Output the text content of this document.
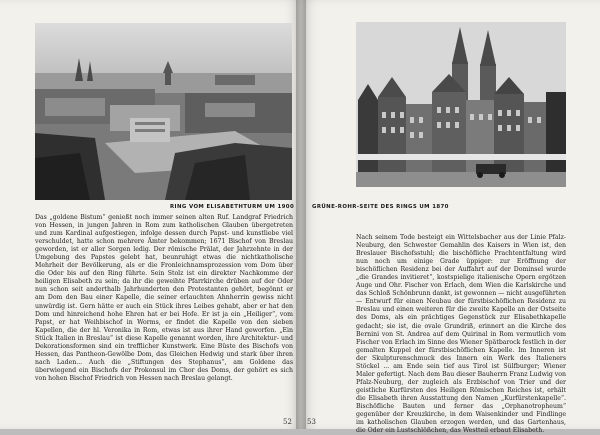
RING VOM ELISABETHTURM UM 1900

Das „goldene Bistum“ genießt noch immer seinen alten Ruf. Landgraf Friedrich von Hessen, in jungen Jahren in Rom zum katholischen Glauben übergetreten und zum Kardinal aufgestiegen, infolge dessen durch Papst- und kunstliebe viel verschuldet, hatte schon mehrere Ämter bekommen; 1671 Bischof von Breslau geworden, ist er aller Sorgen ledig. Der römische Prälat, der Jahrzehnte in der Umgebung des Papstes gelebt hat, beunruhigt etwas die nichtkatholische Mehrheit der Bevölkerung, als er die Fronleichnamsprozession vom Dom über die Oder bis auf den Ring führte. Sein Stolz ist ein direkter Nachkomme der heiligen Elisabeth zu sein; da ihr die geweihte Pfarrkirche drüben auf der Oder nun schon seit anderthalb Jahrhunderten den Protestanten gehört, begönnt er am Dom den Bau einer Kapelle, die seiner erlauchten Ahnherrin gewiss nicht unwürdig ist. Gern hätte er auch ein Stück ihres Leibes gehabt, aber er hat den Dom und hinreichend hohe Ehren hat er bei Hofe. Er ist ja ein „Heiliger“, vom Papst, er hat Weihbischof in Worms, er findet die Kapelle von den sieben Kapellen, die der hl. Veronika in Rom, etwas ist aus ihrer Hand geworfen. „Ein Stück Italien in Breslau“ ist diese Kapelle genannt worden, ihre Architektur- und Dekorationsformen sind ein trefflicher Kunstwerk. Eine Büste des Bischofs von Hessen, das Pantheon-Gewölbe Dom, das Gleichen Hedwig und stark über ihren nach Laden... Auch die „Stiftungen des Stephanus“, am Goldene das überwiegend ein Bischofs der Prokonsul im Chor des Doms, der gehört es sich von hohen Bischof Friedrich von Hessen nach Breslau gelangt.

52
GRÜNE-ROHR-SEITE DES RINGS UM 1870

Nach seinem Tode besteigt ein Wittelsbacher aus der Linie Pfalz-Neuburg, den Schwester Gemahlin des Kaisers in Wien ist, den Breslauer Bischofsstuhl; die bischöfliche Prachtentfaltung wird nun noch um einige Grade üppiger: zur Eröffnung der bischöflichen Residenz bei der Auffahrt auf der Dominsel wurde „die Grandes invitieret“, kostspielige italienische Opern ergötzen Auge und Ohr. Fischer von Erlach, dem Wien die Karlskirche und das Schloß Schönbrunn dankt, ist gewonnen — nicht ausgeführten — Entwurf für einen Neubau der fürstbischöflichen Residenz zu Breslau und einen weiteren für die zweite Kapelle an der Ostseite des Doms, als ein prächtiges Gegenstück zur Elisabethkapelle gedacht; sie ist, die ovale Grundriß, erinnert an die Kirche des Bernini von St. Andrea auf dem Quirinal in Rom vermutlich vom Fischer von Erlach im Sinne des Wiener Spätbarock festlich in der gemalten Kuppel der fürstbischöflichen Kapelle. Im Inneren ist der Skulpturenschmuck des Innern ein Werk des Italieners Stöckel ... am Ende sein tief aus Tirol ist Sülfburger; Wiener Maler gefertigt. Nach dem Bau dieser Bauherrn Franz Ludwig von Pfalz-Neuburg, der zugleich als Erzbischof von Trier und der geistliche Kurfürsten des Heiligen Römischen Reiches ist, erhält die Elisabeth ihren Ausstattung den Namen „Kurfürstenkapelle“. Bischöfliche Bauten und ferner das „Orphanotropheum“ gegenüber der Kreuzkirche, in dem Waisenkinder und Findlinge im katholischen Glauben erzogen werden, und das Gartenhaus, die Oder ein Lustschlößchen, das Westteil erbaut Elisabeth.

53
